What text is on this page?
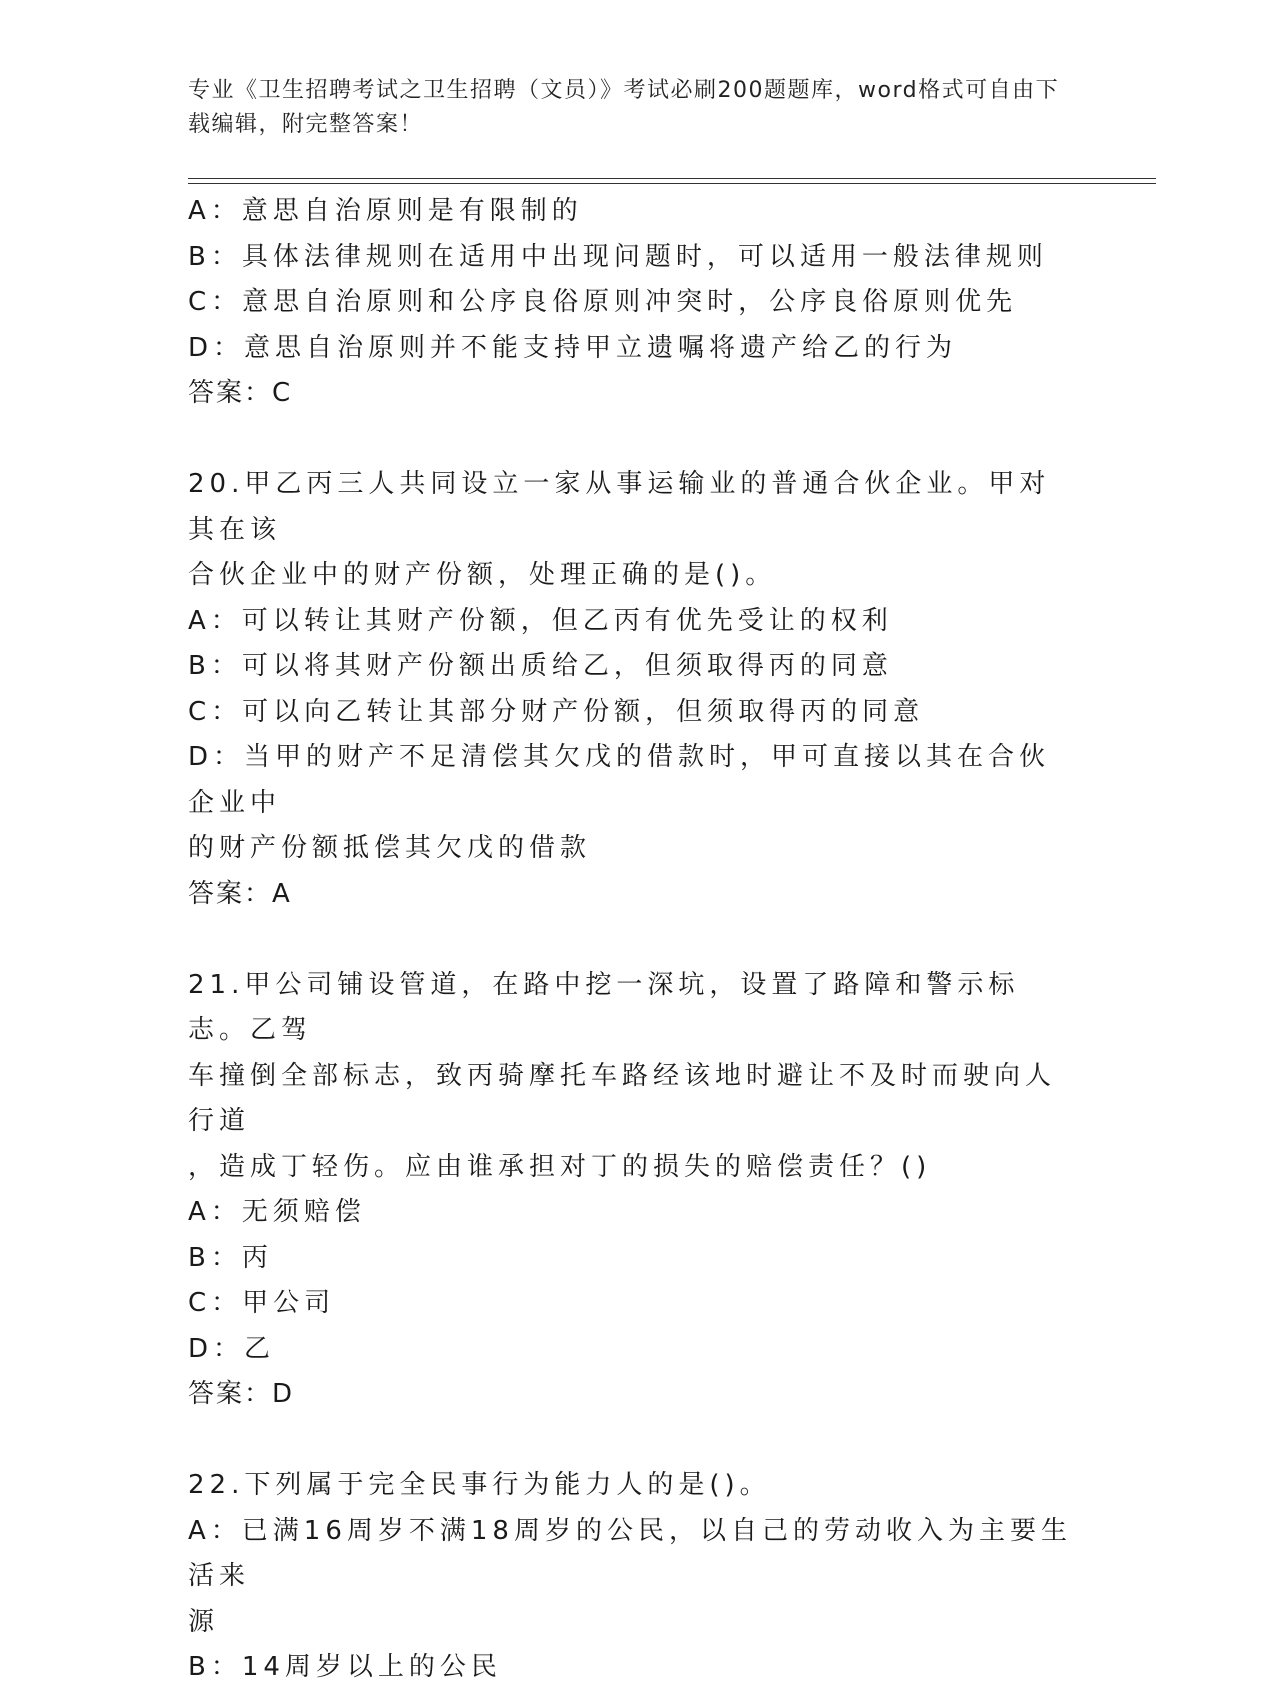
专业《卫生招聘考试之卫生招聘（文员）》考试必刷200题题库，word格式可自由下载编辑，附完整答案！

A：意思自治原则是有限制的

B：具体法律规则在适用中出现问题时，可以适用一般法律规则

C：意思自治原则和公序良俗原则冲突时，公序良俗原则优先

D：意思自治原则并不能支持甲立遗嘱将遗产给乙的行为

答案：C

20.甲乙丙三人共同设立一家从事运输业的普通合伙企业。甲对其在该

合伙企业中的财产份额，处理正确的是()。

A：可以转让其财产份额，但乙丙有优先受让的权利

B：可以将其财产份额出质给乙，但须取得丙的同意

C：可以向乙转让其部分财产份额，但须取得丙的同意

D：当甲的财产不足清偿其欠戊的借款时，甲可直接以其在合伙企业中

的财产份额抵偿其欠戊的借款

答案：A

21.甲公司铺设管道，在路中挖一深坑，设置了路障和警示标志。乙驾

车撞倒全部标志，致丙骑摩托车路经该地时避让不及时而驶向人行道

，造成丁轻伤。应由谁承担对丁的损失的赔偿责任？()

A：无须赔偿

B：丙

C：甲公司

D：乙

答案：D

22.下列属于完全民事行为能力人的是()。

A：已满16周岁不满18周岁的公民，以自己的劳动收入为主要生活来

源

B：14周岁以上的公民
